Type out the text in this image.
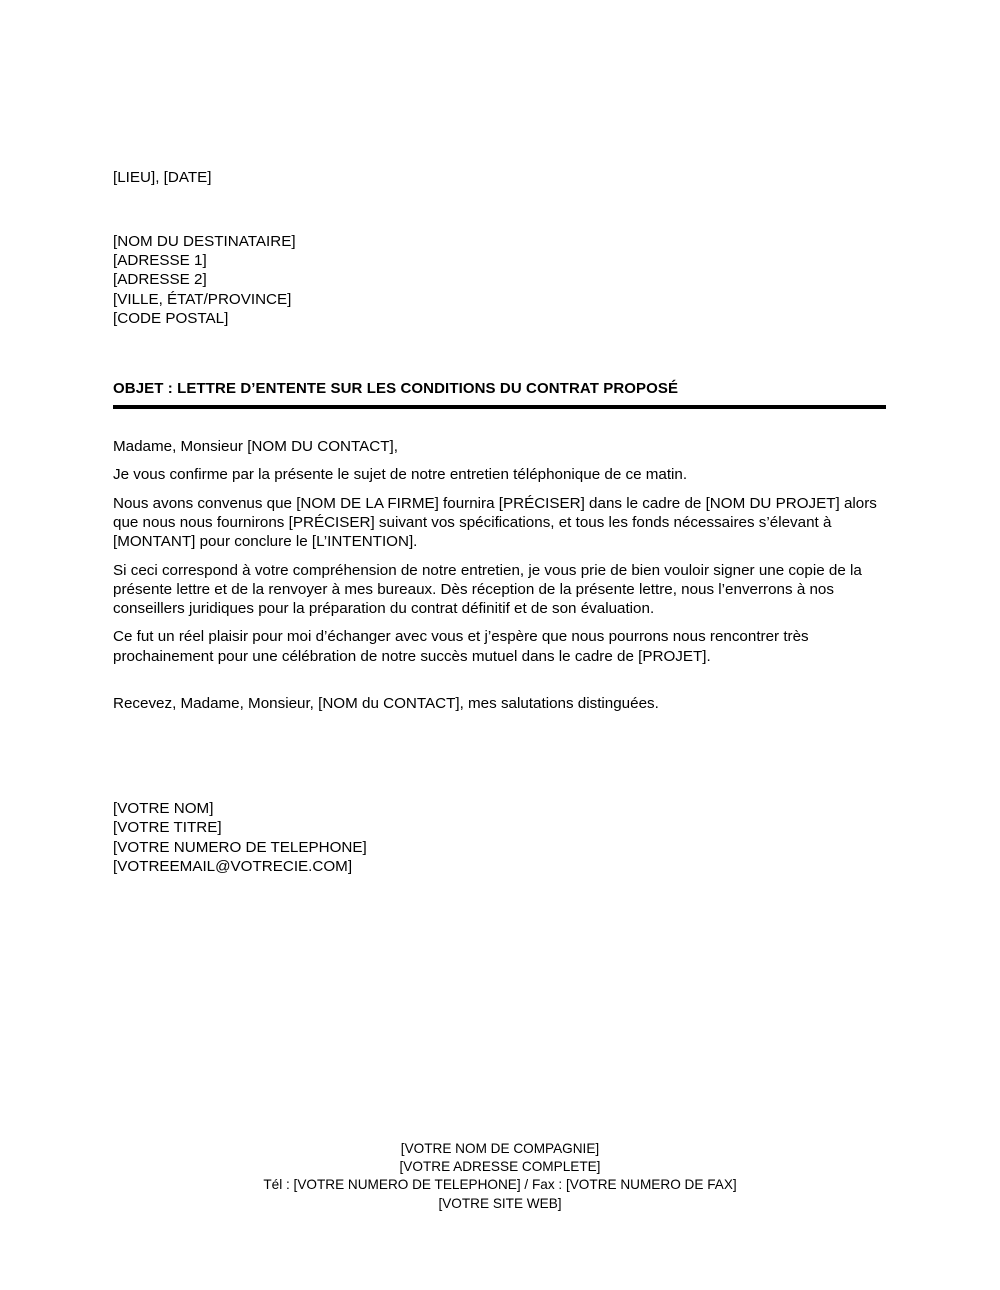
[LIEU], [DATE]
[NOM DU DESTINATAIRE]
[ADRESSE 1]
[ADRESSE 2]
[VILLE, ÉTAT/PROVINCE]
[CODE POSTAL]
OBJET : LETTRE D’ENTENTE SUR LES CONDITIONS DU CONTRAT PROPOSÉ

Madame, Monsieur [NOM DU CONTACT],

Je vous confirme par la présente le sujet de notre entretien téléphonique de ce matin.

Nous avons convenus que [NOM DE LA FIRME] fournira [PRÉCISER] dans le cadre de [NOM DU PROJET] alors que nous nous fournirons [PRÉCISER] suivant vos spécifications, et tous les fonds nécessaires s’élevant à [MONTANT] pour conclure le [L’INTENTION].

Si ceci correspond à votre compréhension de notre entretien, je vous prie de bien vouloir signer une copie de la présente lettre et de la renvoyer à mes bureaux. Dès réception de la présente lettre, nous l’enverrons à nos conseillers juridiques pour la préparation du contrat définitif et de son évaluation.

Ce fut un réel plaisir pour moi d’échanger avec vous et j’espère que nous pourrons nous rencontrer très prochainement pour une célébration de notre succès mutuel dans le cadre de [PROJET].

Recevez, Madame, Monsieur, [NOM du CONTACT], mes salutations distinguées.

[VOTRE NOM]
[VOTRE TITRE]
[VOTRE NUMERO DE TELEPHONE]
[VOTREEMAIL@VOTRECIE.COM]
[VOTRE NOM DE COMPAGNIE]
[VOTRE ADRESSE COMPLETE]
Tél : [VOTRE NUMERO DE TELEPHONE] / Fax : [VOTRE NUMERO DE FAX]
[VOTRE SITE WEB]
